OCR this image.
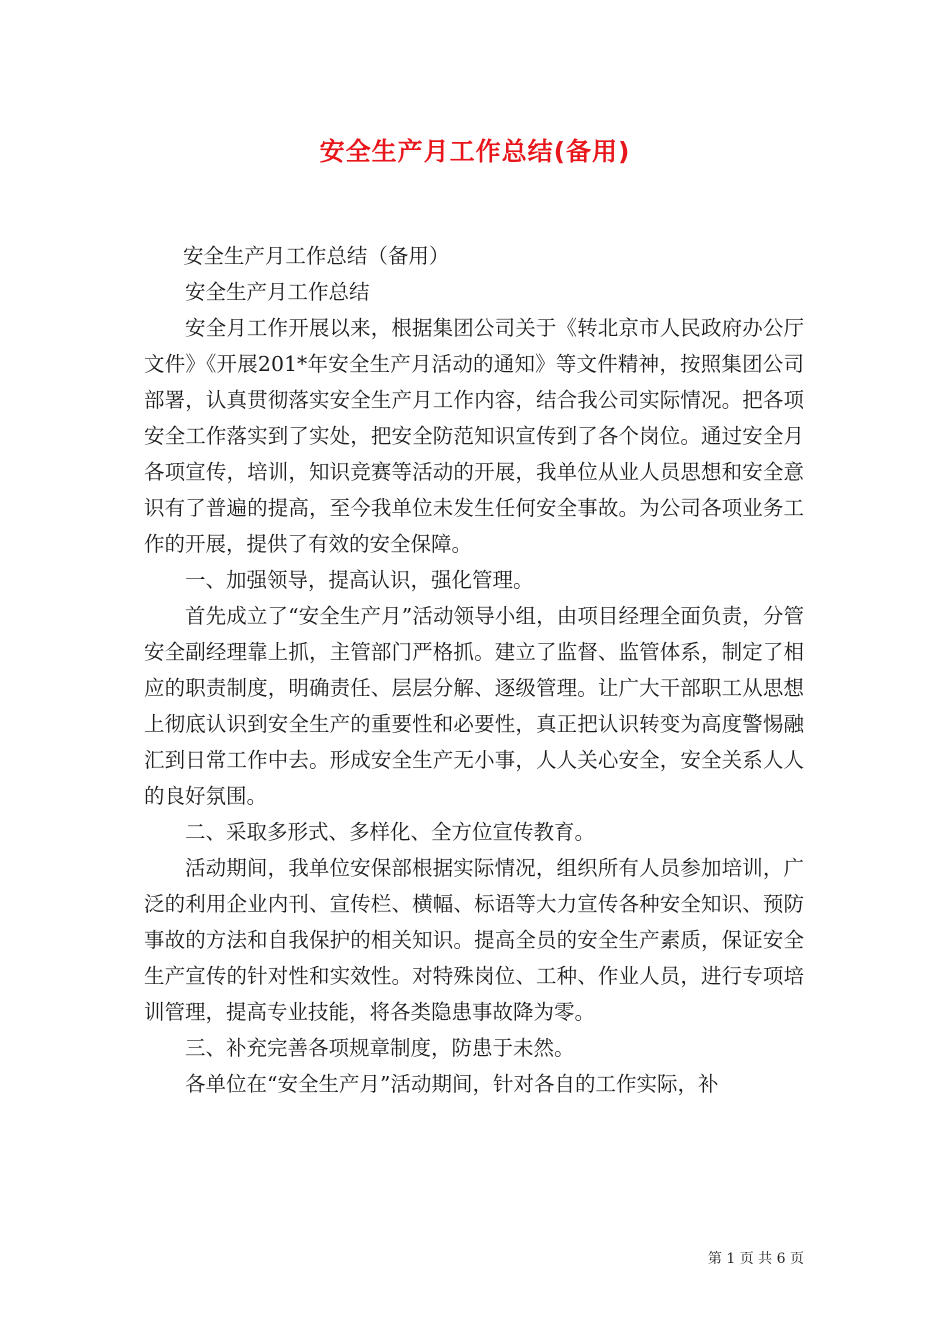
安全生产月工作总结(备用)

安全生产月工作总结（备用）

安全生产月工作总结

安全月工作开展以来，根据集团公司关于《转北京市人民政府办公厅文件》《开展201*年安全生产月活动的通知》等文件精神，按照集团公司部署，认真贯彻落实安全生产月工作内容，结合我公司实际情况。把各项安全工作落实到了实处，把安全防范知识宣传到了各个岗位。通过安全月各项宣传，培训，知识竞赛等活动的开展，我单位从业人员思想和安全意识有了普遍的提高，至今我单位未发生任何安全事故。为公司各项业务工作的开展，提供了有效的安全保障。

一、加强领导，提高认识，强化管理。

首先成立了“安全生产月”活动领导小组，由项目经理全面负责，分管安全副经理靠上抓，主管部门严格抓。建立了监督、监管体系，制定了相应的职责制度，明确责任、层层分解、逐级管理。让广大干部职工从思想上彻底认识到安全生产的重要性和必要性，真正把认识转变为高度警惕融汇到日常工作中去。形成安全生产无小事，人人关心安全，安全关系人人的良好氛围。

二、采取多形式、多样化、全方位宣传教育。

活动期间，我单位安保部根据实际情况，组织所有人员参加培训，广泛的利用企业内刊、宣传栏、横幅、标语等大力宣传各种安全知识、预防事故的方法和自我保护的相关知识。提高全员的安全生产素质，保证安全生产宣传的针对性和实效性。对特殊岗位、工种、作业人员，进行专项培训管理，提高专业技能，将各类隐患事故降为零。

三、补充完善各项规章制度，防患于未然。

各单位在“安全生产月”活动期间，针对各自的工作实际，补

第 1 页 共 6 页
